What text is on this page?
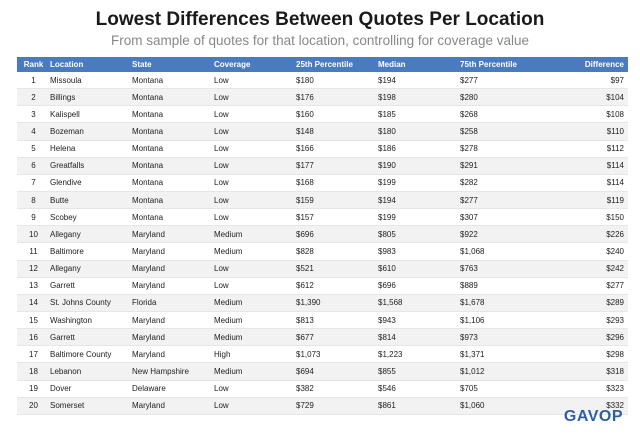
Lowest Differences Between Quotes Per Location
From sample of quotes for that location, controlling for coverage value
Rank	Location	State	Coverage	25th Percentile	Median	75th Percentile	Difference
1	Missoula	Montana	Low	$180	$194	$277	$97
2	Billings	Montana	Low	$176	$198	$280	$104
3	Kalispell	Montana	Low	$160	$185	$268	$108
4	Bozeman	Montana	Low	$148	$180	$258	$110
5	Helena	Montana	Low	$166	$186	$278	$112
6	Greatfalls	Montana	Low	$177	$190	$291	$114
7	Glendive	Montana	Low	$168	$199	$282	$114
8	Butte	Montana	Low	$159	$194	$277	$119
9	Scobey	Montana	Low	$157	$199	$307	$150
10	Allegany	Maryland	Medium	$696	$805	$922	$226
11	Baltimore	Maryland	Medium	$828	$983	$1,068	$240
12	Allegany	Maryland	Low	$521	$610	$763	$242
13	Garrett	Maryland	Low	$612	$696	$889	$277
14	St. Johns County	Florida	Medium	$1,390	$1,568	$1,678	$289
15	Washington	Maryland	Medium	$813	$943	$1,106	$293
16	Garrett	Maryland	Medium	$677	$814	$973	$296
17	Baltimore County	Maryland	High	$1,073	$1,223	$1,371	$298
18	Lebanon	New Hampshire	Medium	$694	$855	$1,012	$318
19	Dover	Delaware	Low	$382	$546	$705	$323
20	Somerset	Maryland	Low	$729	$861	$1,060	$332
GAVOP
